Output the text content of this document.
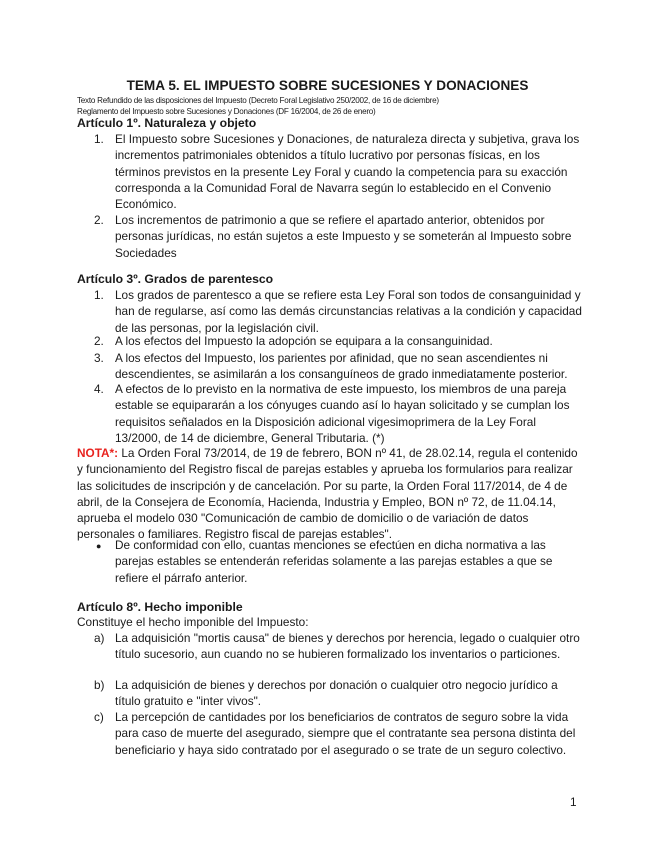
TEMA 5. EL IMPUESTO SOBRE SUCESIONES Y DONACIONES
Texto Refundido de las disposiciones del Impuesto (Decreto Foral Legislativo 250/2002, de 16 de diciembre)
Reglamento del Impuesto sobre Sucesiones y Donaciones (DF 16/2004, de 26 de enero)
Artículo 1º. Naturaleza y objeto
1. El Impuesto sobre Sucesiones y Donaciones, de naturaleza directa y subjetiva, grava los incrementos patrimoniales obtenidos a título lucrativo por personas físicas, en los términos previstos en la presente Ley Foral y cuando la competencia para su exacción corresponda a la Comunidad Foral de Navarra según lo establecido en el Convenio Económico.
2. Los incrementos de patrimonio a que se refiere el apartado anterior, obtenidos por personas jurídicas, no están sujetos a este Impuesto y se someterán al Impuesto sobre Sociedades
Artículo 3º. Grados de parentesco
1. Los grados de parentesco a que se refiere esta Ley Foral son todos de consanguinidad y han de regularse, así como las demás circunstancias relativas a la condición y capacidad de las personas, por la legislación civil.
2. A los efectos del Impuesto la adopción se equipara a la consanguinidad.
3. A los efectos del Impuesto, los parientes por afinidad, que no sean ascendientes ni descendientes, se asimilarán a los consanguíneos de grado inmediatamente posterior.
4. A efectos de lo previsto en la normativa de este impuesto, los miembros de una pareja estable se equipararán a los cónyuges cuando así lo hayan solicitado y se cumplan los requisitos señalados en la Disposición adicional vigesimoprimera de la Ley Foral 13/2000, de 14 de diciembre, General Tributaria. (*)
NOTA*: La Orden Foral 73/2014, de 19 de febrero, BON nº 41, de 28.02.14, regula el contenido y funcionamiento del Registro fiscal de parejas estables y aprueba los formularios para realizar las solicitudes de inscripción y de cancelación. Por su parte, la Orden Foral 117/2014, de 4 de abril, de la Consejera de Economía, Hacienda, Industria y Empleo, BON nº 72, de 11.04.14, aprueba el modelo 030 "Comunicación de cambio de domicilio o de variación de datos personales o familiares. Registro fiscal de parejas estables".
●	De conformidad con ello, cuantas menciones se efectúen en dicha normativa a las parejas estables se entenderán referidas solamente a las parejas estables a que se refiere el párrafo anterior.
Artículo 8º. Hecho imponible
Constituye el hecho imponible del Impuesto:
a) La adquisición "mortis causa" de bienes y derechos por herencia, legado o cualquier otro título sucesorio, aun cuando no se hubieren formalizado los inventarios o particiones.
b) La adquisición de bienes y derechos por donación o cualquier otro negocio jurídico a título gratuito e "inter vivos".
c) La percepción de cantidades por los beneficiarios de contratos de seguro sobre la vida para caso de muerte del asegurado, siempre que el contratante sea persona distinta del beneficiario y haya sido contratado por el asegurado o se trate de un seguro colectivo.
1
